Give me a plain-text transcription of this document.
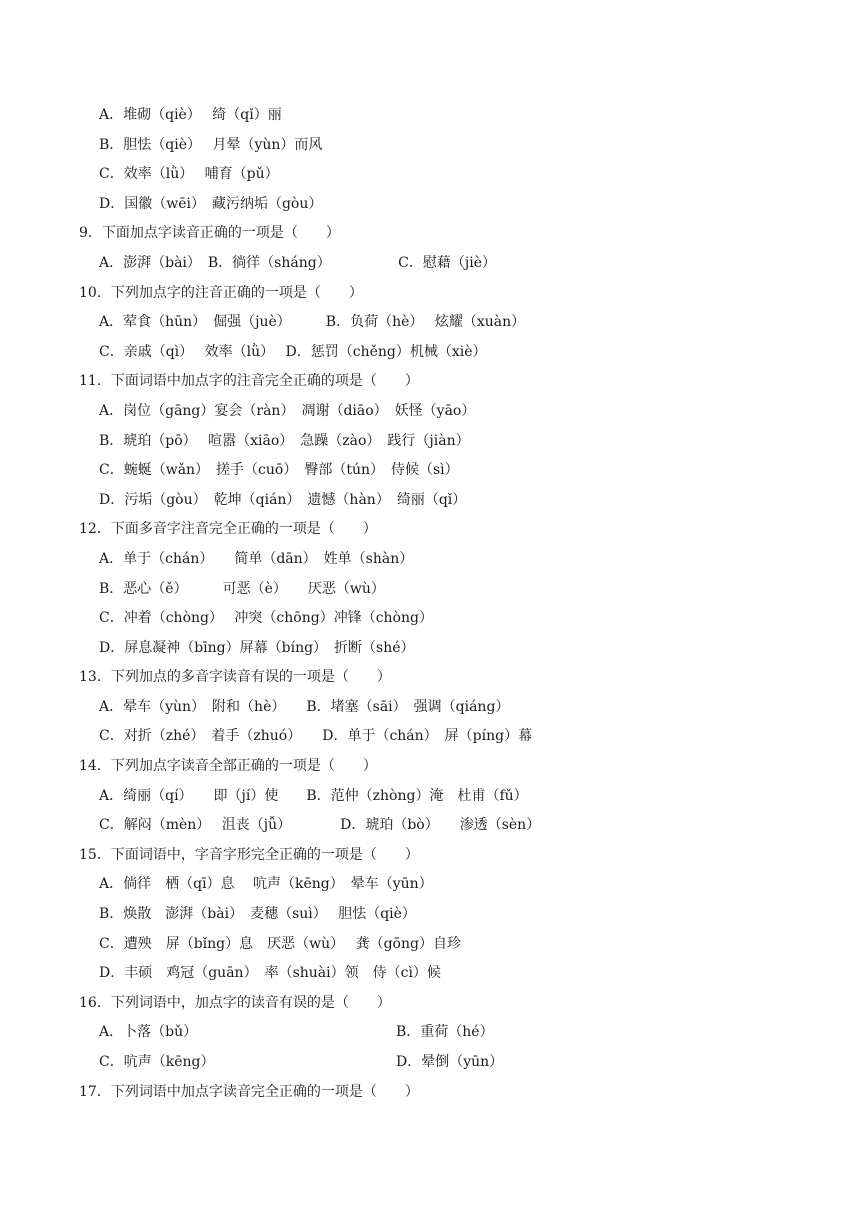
A．堆砌（qiè）　 绮（qǐ）丽
B．胆怯（qiè）　 月晕（yùn）而风
C．效率（lǜ）　 哺育（pǔ）
D．国徽（wēi）　藏污纳垢（gòu）
9．下面加点字读音正确的一项是（　　）
A．澎湃（bài）　B．徜徉（sháng）　　　　　 C．慰藉（jiè）
10．下列加点字的注音正确的一项是（　　）
A．荤食（hūn）　倔强（juè）　　　B．负荷（hè）　 炫耀（xuàn）
C．亲戚（qì）　 效率（lǜ）　 D．惩罚（chěng）机械（xiè）
11．下面词语中加点字的注音完全正确的项是（　　）
A．岗位（gāng）宴会（ràn）　凋谢（diāo）　妖怪（yāo）
B．琥珀（pō）　 喧嚣（xiāo）　急躁（zào）　践行（jiàn）
C．蜿蜒（wǎn）　搓手（cuō）　臀部（tún）　侍候（sì）
D．污垢（gòu）　乾坤（qián）　遗憾（hàn）　绮丽（qǐ）
12．下面多音字注音完全正确的一项是（　　）
A．单于（chán）　　简单（dān）　姓单（shàn）
B．恶心（ě）　　　可恶（è）　　厌恶（wù）
C．冲着（chòng）　 冲突（chōng）冲锋（chòng）
D．屏息凝神（bīng）屏幕（bíng）　折断（shé）
13．下列加点的多音字读音有误的一项是（　　）
A．晕车（yùn）　附和（hè）　　B．堵塞（sāi）　强调（qiáng）
C．对折（zhé）　着手（zhuó）　　D．单于（chán）　屏（píng）幕
14．下列加点字读音全部正确的一项是（　　）
A．绮丽（qí）　　即（jí）使　　B．范仲（zhòng）淹　杜甫（fǔ）
C．解闷（mèn）　 沮丧（jǚ）　　　　D．琥珀（bò）　　渗透（sèn）
15．下面词语中，字音字形完全正确的一项是（　　）
A．倘徉　栖（qī）息　 吭声（kēng）　晕车（yūn）
B．焕散　澎湃（bài）　麦穗（suì）　 胆怯（qiè）
C．遭殃　屏（bǐng）息　厌恶（wù）　 龚（gōng）自珍
D．丰硕　鸡冠（guān）　率（shuài）领　侍（cì）候
16．下列词语中，加点字的读音有误的是（　　）
A．卜落（bǔ）	B．重荷（hé）
C．吭声（kēng）	D．晕倒（yūn）
17．下列词语中加点字读音完全正确的一项是（　　）
